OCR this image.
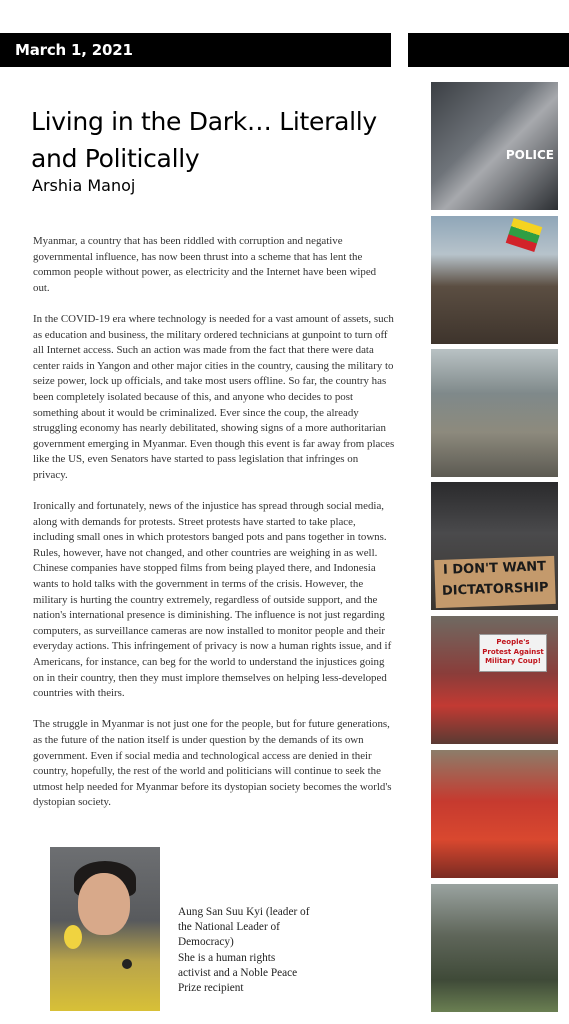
March 1, 2021
Living in the Dark… Literally and Politically
Arshia Manoj

Myanmar, a country that has been riddled with corruption and negative governmental influence, has now been thrust into a scheme that has lent the common people without power, as electricity and the Internet have been wiped out.

In the COVID-19 era where technology is needed for a vast amount of assets, such as education and business, the military ordered technicians at gunpoint to turn off all Internet access. Such an action was made from the fact that there were data center raids in Yangon and other major cities in the country, causing the military to seize power, lock up officials, and take most users offline. So far, the country has been completely isolated because of this, and anyone who decides to post something about it would be criminalized. Ever since the coup, the already struggling economy has nearly debilitated, showing signs of a more authoritarian government emerging in Myanmar. Even though this event is far away from places like the US, even Senators have started to pass legislation that infringes on privacy.

Ironically and fortunately, news of the injustice has spread through social media, along with demands for protests. Street protests have started to take place, including small ones in which protestors banged pots and pans together in towns. Rules, however, have not changed, and other countries are weighing in as well. Chinese companies have stopped films from being played there, and Indonesia wants to hold talks with the government in terms of the crisis. However, the military is hurting the country extremely, regardless of outside support, and the nation's international presence is diminishing. The influence is not just regarding computers, as surveillance cameras are now installed to monitor people and their everyday actions. This infringement of privacy is now a human rights issue, and if Americans, for instance, can beg for the world to understand the injustices going on in their country, then they must implore themselves on helping less-developed countries with theirs.

The struggle in Myanmar is not just one for the people, but for future generations, as the future of the nation itself is under question by the demands of its own government. Even if social media and technological access are denied in their country, hopefully, the rest of the world and politicians will continue to seek the utmost help needed for Myanmar before its dystopian society becomes the world's dystopian society.

Aung San Suu Kyi (leader of
the National Leader of
Democracy)
She is a human rights
activist and a Noble Peace
Prize recipient
POLICE
I DON'T WANT
DICTATORSHIP
People's
Protest Against
Military Coup!
